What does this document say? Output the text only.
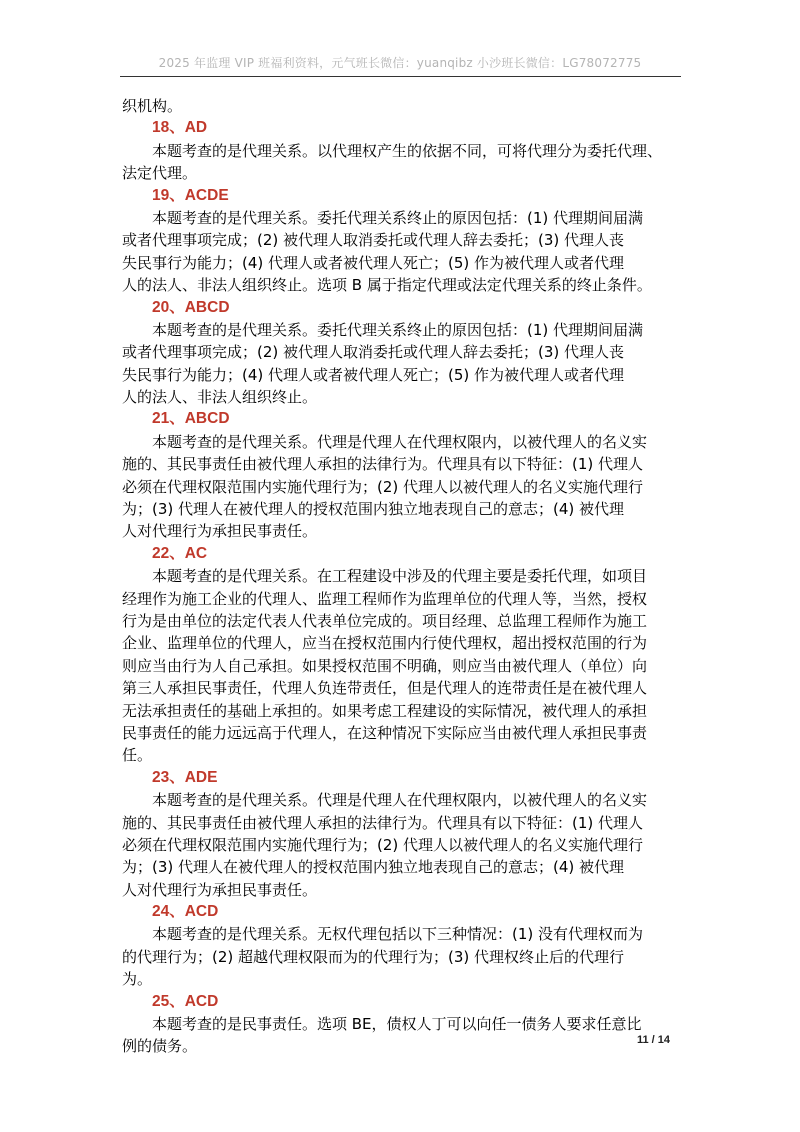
2025 年监理 VIP 班福利资料，元气班长微信：yuanqibz 小沙班长微信：LG78072775
织机构。
18、AD
本题考查的是代理关系。以代理权产生的依据不同，可将代理分为委托代理、
法定代理。
19、ACDE
本题考查的是代理关系。委托代理关系终止的原因包括：(1) 代理期间届满
或者代理事项完成；(2) 被代理人取消委托或代理人辞去委托；(3) 代理人丧
失民事行为能力；(4) 代理人或者被代理人死亡；(5) 作为被代理人或者代理
人的法人、非法人组织终止。选项 B 属于指定代理或法定代理关系的终止条件。
20、ABCD
本题考查的是代理关系。委托代理关系终止的原因包括：(1) 代理期间届满
或者代理事项完成；(2) 被代理人取消委托或代理人辞去委托；(3) 代理人丧
失民事行为能力；(4) 代理人或者被代理人死亡；(5) 作为被代理人或者代理
人的法人、非法人组织终止。
21、ABCD
本题考查的是代理关系。代理是代理人在代理权限内，以被代理人的名义实
施的、其民事责任由被代理人承担的法律行为。代理具有以下特征：(1) 代理人
必须在代理权限范围内实施代理行为；(2) 代理人以被代理人的名义实施代理行
为；(3) 代理人在被代理人的授权范围内独立地表现自己的意志；(4) 被代理
人对代理行为承担民事责任。
22、AC
本题考查的是代理关系。在工程建设中涉及的代理主要是委托代理，如项目
经理作为施工企业的代理人、监理工程师作为监理单位的代理人等，当然，授权
行为是由单位的法定代表人代表单位完成的。项目经理、总监理工程师作为施工
企业、监理单位的代理人，应当在授权范围内行使代理权，超出授权范围的行为
则应当由行为人自己承担。如果授权范围不明确，则应当由被代理人（单位）向
第三人承担民事责任，代理人负连带责任，但是代理人的连带责任是在被代理人
无法承担责任的基础上承担的。如果考虑工程建设的实际情况，被代理人的承担
民事责任的能力远远高于代理人，在这种情况下实际应当由被代理人承担民事责
任。
23、ADE
本题考查的是代理关系。代理是代理人在代理权限内，以被代理人的名义实
施的、其民事责任由被代理人承担的法律行为。代理具有以下特征：(1) 代理人
必须在代理权限范围内实施代理行为；(2) 代理人以被代理人的名义实施代理行
为；(3) 代理人在被代理人的授权范围内独立地表现自己的意志；(4) 被代理
人对代理行为承担民事责任。
24、ACD
本题考查的是代理关系。无权代理包括以下三种情况：(1) 没有代理权而为
的代理行为；(2) 超越代理权限而为的代理行为；(3) 代理权终止后的代理行
为。
25、ACD
本题考查的是民事责任。选项 BE，债权人丁可以向任一债务人要求任意比
例的债务。	11 / 14
